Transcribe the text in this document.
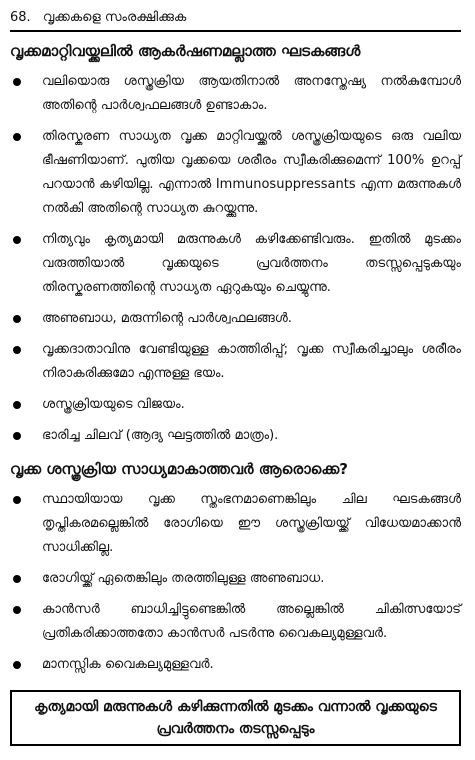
68. വൃക്കകളെ സംരക്ഷിക്കുക
വൃക്കമാറ്റിവയ്ക്കലിൽ ആകർഷണമല്ലാത്ത ഘടകങ്ങൾ
വലിയൊരു ശസ്ത്രക്രിയ ആയതിനാൽ അനസ്തേഷ്യ നൽകുമ്പോൾ അതിന്റെ പാർശ്വഫലങ്ങൾ ഉണ്ടാകാം.
തിരസ്കരണ സാധ്യത വൃക്ക മാറ്റിവയ്ക്കൽ ശസ്ത്രക്രിയയുടെ ഒരു വലിയ ഭീഷണിയാണ്. പുതിയ വൃക്കയെ ശരീരം സ്വീകരിക്കുമെന്ന് 100% ഉറപ്പ് പറയാൻ കഴിയില്ല. എന്നാൽ Immunosuppressants എന്ന മരുന്നുകൾ നൽകി അതിന്റെ സാധ്യത കുറയ്ക്കുന്നു.
നിത്യവും കൃത്യമായി മരുന്നുകൾ കഴിക്കേണ്ടിവരും. ഇതിൽ മുടക്കം വരുത്തിയാൽ വൃക്കയുടെ പ്രവർത്തനം തടസ്സപ്പെടുകയും തിരസ്കരണത്തിന്റെ സാധ്യത ഏറുകയും ചെയ്യുന്നു.
അണുബാധ, മരുന്നിന്റെ പാർശ്വഫലങ്ങൾ.
വൃക്കദാതാവിനു വേണ്ടിയുള്ള കാത്തിരിപ്പ്; വൃക്ക സ്വീകരിച്ചാലും ശരീരം നിരാകരിക്കുമോ എന്നുള്ള ഭയം.
ശസ്ത്രക്രിയയുടെ വിജയം.
ഭാരിച്ച ചിലവ് (ആദ്യ ഘട്ടത്തിൽ മാത്രം).
വൃക്ക ശസ്ത്രക്രിയ സാധ്യമാകാത്തവർ ആരൊക്കെ?
സ്ഥായിയായ വൃക്ക സ്തംഭനമാണെങ്കിലും ചില ഘടകങ്ങൾ തൃപ്തികരമല്ലെങ്കിൽ രോഗിയെ ഈ ശസ്ത്രക്രിയയ്ക്ക് വിധേയമാക്കാൻ സാധിക്കില്ല.
രോഗിയ്ക്ക് ഏതെങ്കിലും തരത്തിലുള്ള അണുബാധ.
കാൻസർ ബാധിച്ചിട്ടുണ്ടെങ്കിൽ അല്ലെങ്കിൽ ചികിത്സയോട് പ്രതികരിക്കാത്തതോ കാൻസർ പടർന്നു വൈകല്യമുള്ളവർ.
മാനസ്സിക വൈകല്യമുള്ളവർ.
കൃത്യമായി മരുന്നുകൾ കഴിക്കുന്നതിൽ മുടക്കം വന്നാൽ വൃക്കയുടെ പ്രവർത്തനം തടസ്സപ്പെടും
